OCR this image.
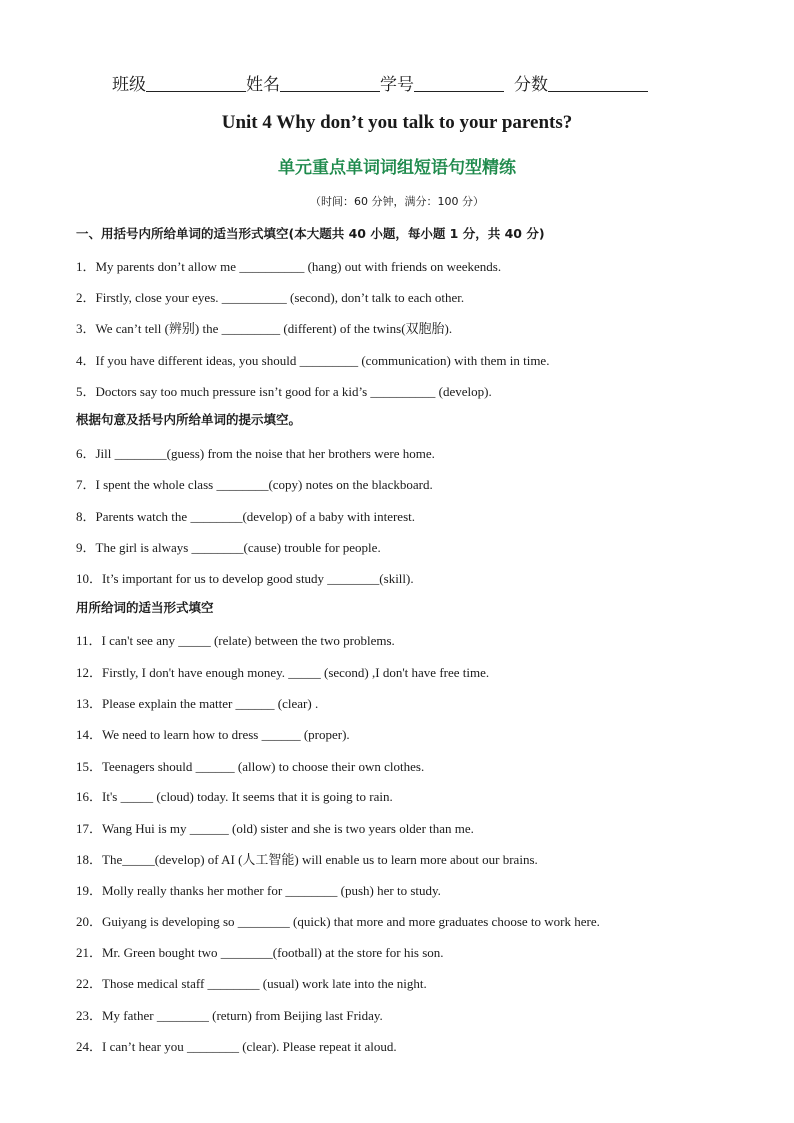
班级	姓名	学号	分数
Unit 4 Why don’t you talk to your parents?
单元重点单词词组短语句型精练
（时间：60 分钟，满分：100 分）
一、用括号内所给单词的适当形式填空(本大题共 40 小题，每小题 1 分，共 40 分)
1．My parents don’t allow me __________ (hang) out with friends on weekends.
2．Firstly, close your eyes. __________ (second), don’t talk to each other.
3．We can’t tell (辨别) the _________ (different) of the twins(双胞胎).
4．If you have different ideas, you should _________ (communication) with them in time.
5．Doctors say too much pressure isn’t good for a kid’s __________ (develop).
根据句意及括号内所给单词的提示填空。
6．Jill ________(guess) from the noise that her brothers were home.
7．I spent the whole class ________(copy) notes on the blackboard.
8．Parents watch the ________(develop) of a baby with interest.
9．The girl is always ________(cause) trouble for people.
10．It’s important for us to develop good study ________(skill).
用所给词的适当形式填空
11．I can't see any _____ (relate) between the two problems.
12．Firstly, I don't have enough money. _____ (second) ,I don't have free time.
13．Please explain the matter ______ (clear) .
14．We need to learn how to dress ______ (proper).
15．Teenagers should ______ (allow) to choose their own clothes.
16．It's _____ (cloud) today. It seems that it is going to rain.
17．Wang Hui is my ______ (old) sister and she is two years older than me.
18．The_____(develop) of AI (人工智能) will enable us to learn more about our brains.
19．Molly really thanks her mother for ________ (push) her to study.
20．Guiyang is developing so ________ (quick) that more and more graduates choose to work here.
21．Mr. Green bought two ________(football) at the store for his son.
22．Those medical staff ________ (usual) work late into the night.
23．My father ________ (return) from Beijing last Friday.
24．I can’t hear you ________ (clear). Please repeat it aloud.
